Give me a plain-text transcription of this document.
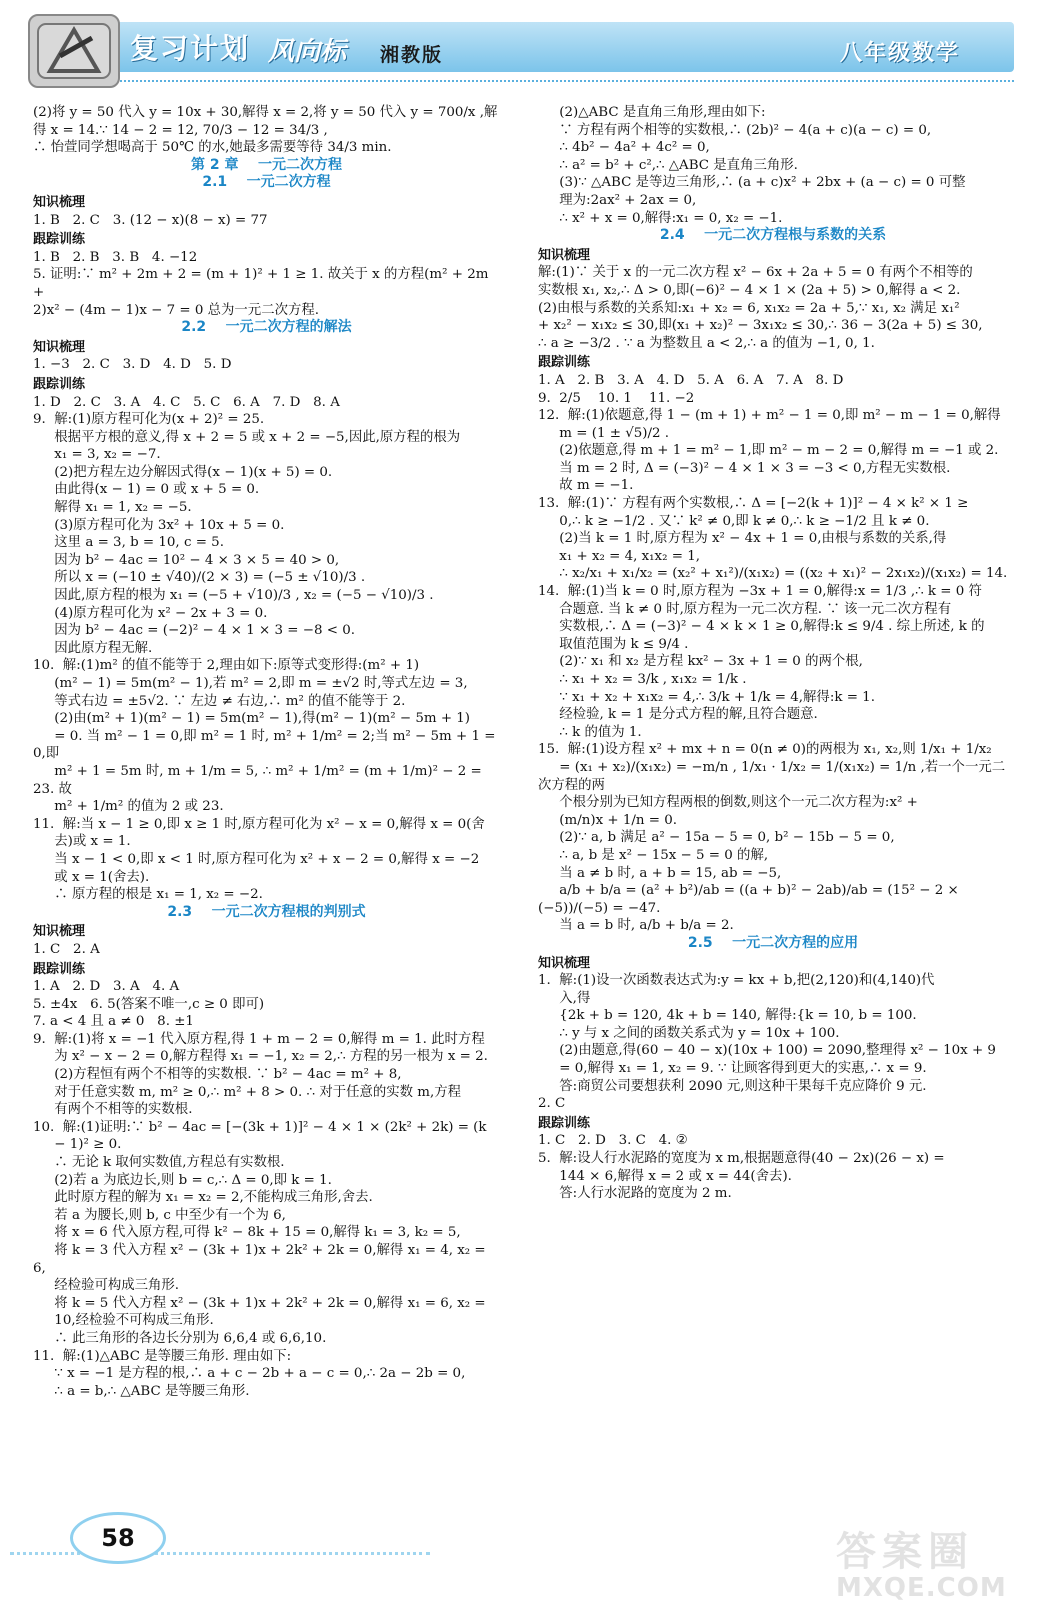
复习计划 风向标 湘教版	八年级数学
(2)将 y = 50 代入 y = 10x + 30,解得 x = 2,将 y = 50 代入 y = 700/x ,解
得 x = 14.∵ 14 − 2 = 12, 70/3 − 12 = 34/3 ,
∴ 怡萱同学想喝高于 50℃ 的水,她最多需要等待 34/3 min.
第 2 章    一元二次方程
2.1    一元二次方程
知识梳理
1. B   2. C   3. (12 − x)(8 − x) = 77
跟踪训练
1. B   2. B   3. B   4. −12
5. 证明:∵ m² + 2m + 2 = (m + 1)² + 1 ≥ 1. 故关于 x 的方程(m² + 2m +
2)x² − (4m − 1)x − 7 = 0 总为一元二次方程.
2.2    一元二次方程的解法
知识梳理
1. −3   2. C   3. D   4. D   5. D
跟踪训练
1. D   2. C   3. A   4. C   5. C   6. A   7. D   8. A
9.  解:(1)原方程可化为(x + 2)² = 25.
根据平方根的意义,得 x + 2 = 5 或 x + 2 = −5,因此,原方程的根为
x₁ = 3, x₂ = −7.
(2)把方程左边分解因式得(x − 1)(x + 5) = 0.
由此得(x − 1) = 0 或 x + 5 = 0.
解得 x₁ = 1, x₂ = −5.
(3)原方程可化为 3x² + 10x + 5 = 0.
这里 a = 3, b = 10, c = 5.
因为 b² − 4ac = 10² − 4 × 3 × 5 = 40 > 0,
所以 x = (−10 ± √40)/(2 × 3) = (−5 ± √10)/3 .
因此,原方程的根为 x₁ = (−5 + √10)/3 , x₂ = (−5 − √10)/3 .
(4)原方程可化为 x² − 2x + 3 = 0.
因为 b² − 4ac = (−2)² − 4 × 1 × 3 = −8 < 0.
因此原方程无解.
10.  解:(1)m² 的值不能等于 2,理由如下:原等式变形得:(m² + 1)
(m² − 1) = 5m(m² − 1),若 m² = 2,即 m = ±√2 时,等式左边 = 3,
等式右边 = ±5√2. ∵ 左边 ≠ 右边,∴ m² 的值不能等于 2.
(2)由(m² + 1)(m² − 1) = 5m(m² − 1),得(m² − 1)(m² − 5m + 1)
= 0. 当 m² − 1 = 0,即 m² = 1 时, m² + 1/m² = 2;当 m² − 5m + 1 = 0,即
m² + 1 = 5m 时, m + 1/m = 5, ∴ m² + 1/m² = (m + 1/m)² − 2 = 23. 故
m² + 1/m² 的值为 2 或 23.
11.  解:当 x − 1 ≥ 0,即 x ≥ 1 时,原方程可化为 x² − x = 0,解得 x = 0(舍
去)或 x = 1.
当 x − 1 < 0,即 x < 1 时,原方程可化为 x² + x − 2 = 0,解得 x = −2
或 x = 1(舍去).
∴ 原方程的根是 x₁ = 1, x₂ = −2.
2.3    一元二次方程根的判别式
知识梳理
1. C   2. A
跟踪训练
1. A   2. D   3. A   4. A
5. ±4x   6. 5(答案不唯一,c ≥ 0 即可)
7. a < 4 且 a ≠ 0   8. ±1
9.  解:(1)将 x = −1 代入原方程,得 1 + m − 2 = 0,解得 m = 1. 此时方程
为 x² − x − 2 = 0,解方程得 x₁ = −1, x₂ = 2,∴ 方程的另一根为 x = 2.
(2)方程恒有两个不相等的实数根. ∵ b² − 4ac = m² + 8,
对于任意实数 m, m² ≥ 0,∴ m² + 8 > 0. ∴ 对于任意的实数 m,方程
有两个不相等的实数根.
10.  解:(1)证明:∵ b² − 4ac = [−(3k + 1)]² − 4 × 1 × (2k² + 2k) = (k
− 1)² ≥ 0.
∴ 无论 k 取何实数值,方程总有实数根.
(2)若 a 为底边长,则 b = c,∴ Δ = 0,即 k = 1.
此时原方程的解为 x₁ = x₂ = 2,不能构成三角形,舍去.
若 a 为腰长,则 b, c 中至少有一个为 6,
将 x = 6 代入原方程,可得 k² − 8k + 15 = 0,解得 k₁ = 3, k₂ = 5,
将 k = 3 代入方程 x² − (3k + 1)x + 2k² + 2k = 0,解得 x₁ = 4, x₂ = 6,
经检验可构成三角形.
将 k = 5 代入方程 x² − (3k + 1)x + 2k² + 2k = 0,解得 x₁ = 6, x₂ =
10,经检验不可构成三角形.
∴ 此三角形的各边长分别为 6,6,4 或 6,6,10.
11.  解:(1)△ABC 是等腰三角形. 理由如下:
∵ x = −1 是方程的根,∴ a + c − 2b + a − c = 0,∴ 2a − 2b = 0,
∴ a = b,∴ △ABC 是等腰三角形.
(2)△ABC 是直角三角形,理由如下:
∵ 方程有两个相等的实数根,∴ (2b)² − 4(a + c)(a − c) = 0,
∴ 4b² − 4a² + 4c² = 0,
∴ a² = b² + c²,∴ △ABC 是直角三角形.
(3)∵ △ABC 是等边三角形,∴ (a + c)x² + 2bx + (a − c) = 0 可整
理为:2ax² + 2ax = 0,
∴ x² + x = 0,解得:x₁ = 0, x₂ = −1.
2.4    一元二次方程根与系数的关系
知识梳理
解:(1)∵ 关于 x 的一元二次方程 x² − 6x + 2a + 5 = 0 有两个不相等的
实数根 x₁, x₂,∴ Δ > 0,即(−6)² − 4 × 1 × (2a + 5) > 0,解得 a < 2.
(2)由根与系数的关系知:x₁ + x₂ = 6, x₁x₂ = 2a + 5,∵ x₁, x₂ 满足 x₁²
+ x₂² − x₁x₂ ≤ 30,即(x₁ + x₂)² − 3x₁x₂ ≤ 30,∴ 36 − 3(2a + 5) ≤ 30,
∴ a ≥ −3/2 . ∵ a 为整数且 a < 2,∴ a 的值为 −1, 0, 1.
跟踪训练
1. A   2. B   3. A   4. D   5. A   6. A   7. A   8. D
9.  2/5    10. 1    11. −2
12.  解:(1)依题意,得 1 − (m + 1) + m² − 1 = 0,即 m² − m − 1 = 0,解得
m = (1 ± √5)/2 .
(2)依题意,得 m + 1 = m² − 1,即 m² − m − 2 = 0,解得 m = −1 或 2.
当 m = 2 时, Δ = (−3)² − 4 × 1 × 3 = −3 < 0,方程无实数根.
故 m = −1.
13.  解:(1)∵ 方程有两个实数根,∴ Δ = [−2(k + 1)]² − 4 × k² × 1 ≥
0,∴ k ≥ −1/2 . 又∵ k² ≠ 0,即 k ≠ 0,∴ k ≥ −1/2 且 k ≠ 0.
(2)当 k = 1 时,原方程为 x² − 4x + 1 = 0,由根与系数的关系,得
x₁ + x₂ = 4, x₁x₂ = 1,
∴ x₂/x₁ + x₁/x₂ = (x₂² + x₁²)/(x₁x₂) = ((x₂ + x₁)² − 2x₁x₂)/(x₁x₂) = 14.
14.  解:(1)当 k = 0 时,原方程为 −3x + 1 = 0,解得:x = 1/3 ,∴ k = 0 符
合题意. 当 k ≠ 0 时,原方程为一元二次方程. ∵ 该一元二次方程有
实数根,∴ Δ = (−3)² − 4 × k × 1 ≥ 0,解得:k ≤ 9/4 . 综上所述, k 的
取值范围为 k ≤ 9/4 .
(2)∵ x₁ 和 x₂ 是方程 kx² − 3x + 1 = 0 的两个根,
∴ x₁ + x₂ = 3/k , x₁x₂ = 1/k .
∵ x₁ + x₂ + x₁x₂ = 4,∴ 3/k + 1/k = 4,解得:k = 1.
经检验, k = 1 是分式方程的解,且符合题意.
∴ k 的值为 1.
15.  解:(1)设方程 x² + mx + n = 0(n ≠ 0)的两根为 x₁, x₂,则 1/x₁ + 1/x₂
= (x₁ + x₂)/(x₁x₂) = −m/n , 1/x₁ · 1/x₂ = 1/(x₁x₂) = 1/n ,若一个一元二次方程的两
个根分别为已知方程两根的倒数,则这个一元二次方程为:x² +
(m/n)x + 1/n = 0.
(2)∵ a, b 满足 a² − 15a − 5 = 0, b² − 15b − 5 = 0,
∴ a, b 是 x² − 15x − 5 = 0 的解,
当 a ≠ b 时, a + b = 15, ab = −5,
a/b + b/a = (a² + b²)/ab = ((a + b)² − 2ab)/ab = (15² − 2 × (−5))/(−5) = −47.
当 a = b 时, a/b + b/a = 2.
2.5    一元二次方程的应用
知识梳理
1.  解:(1)设一次函数表达式为:y = kx + b,把(2,120)和(4,140)代
入,得
{2k + b = 120, 4k + b = 140, 解得:{k = 10, b = 100.
∴ y 与 x 之间的函数关系式为 y = 10x + 100.
(2)由题意,得(60 − 40 − x)(10x + 100) = 2090,整理得 x² − 10x + 9
= 0,解得 x₁ = 1, x₂ = 9. ∵ 让顾客得到更大的实惠,∴ x = 9.
答:商贸公司要想获利 2090 元,则这种干果每千克应降价 9 元.
2. C
跟踪训练
1. C   2. D   3. C   4. ②
5.  解:设人行水泥路的宽度为 x m,根据题意得(40 − 2x)(26 − x) =
144 × 6,解得 x = 2 或 x = 44(舍去).
答:人行水泥路的宽度为 2 m.
58	答案圈
MXQE.COM
